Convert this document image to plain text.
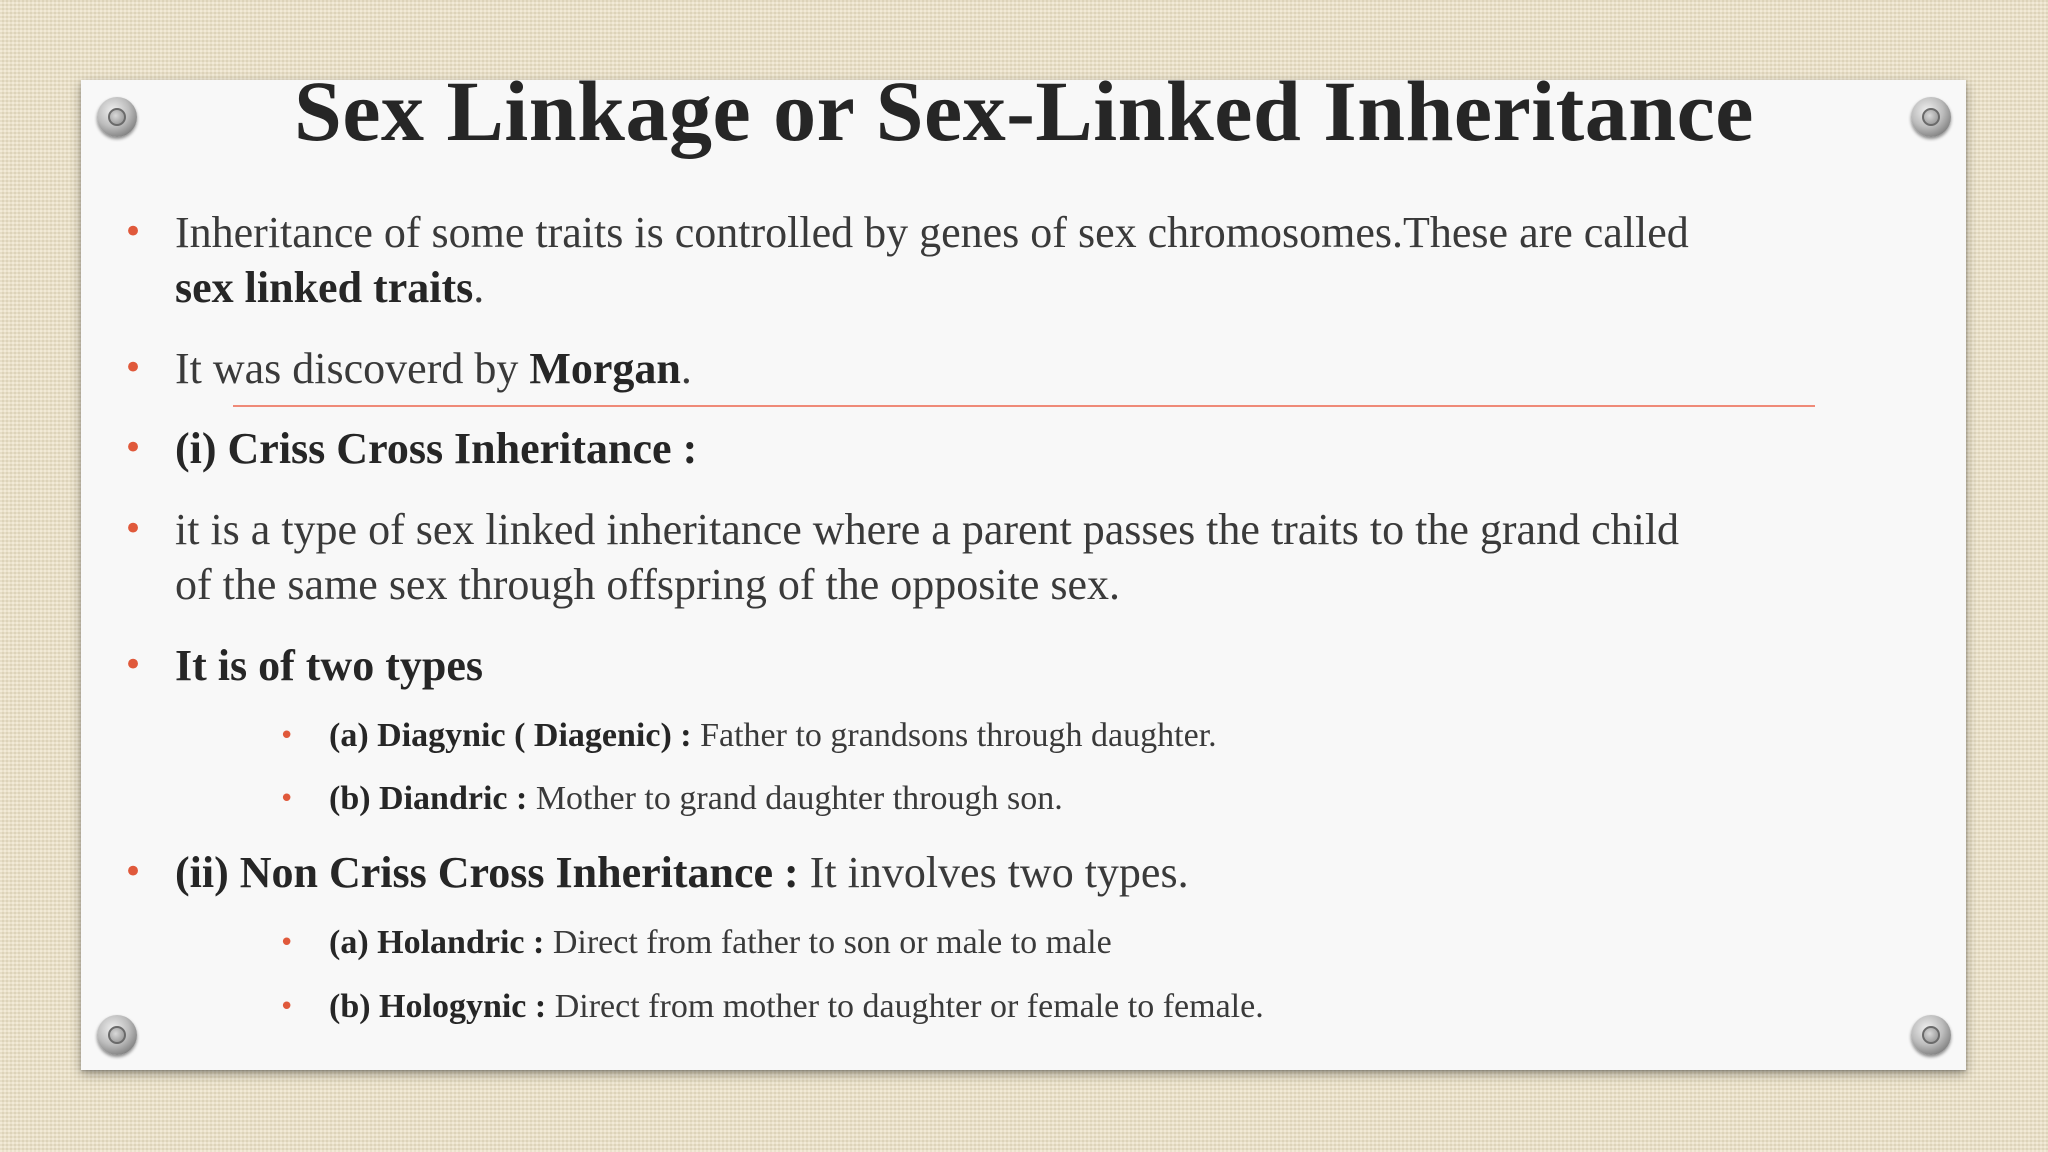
Sex Linkage or Sex-Linked Inheritance
• Inheritance of some traits is controlled by genes of sex chromosomes.These are called
sex linked traits.
• It was discoverd by Morgan.
• (i) Criss Cross Inheritance :
• it is a type of sex linked inheritance where a parent passes the traits to the grand child
of the same sex through offspring of the opposite sex.
• It is of two types
• (a) Diagynic ( Diagenic) : Father to grandsons through daughter.
• (b) Diandric : Mother to grand daughter through son.
• (ii) Non Criss Cross Inheritance : It involves two types.
• (a) Holandric : Direct from father to son or male to male
• (b) Hologynic : Direct from mother to daughter or female to female.
